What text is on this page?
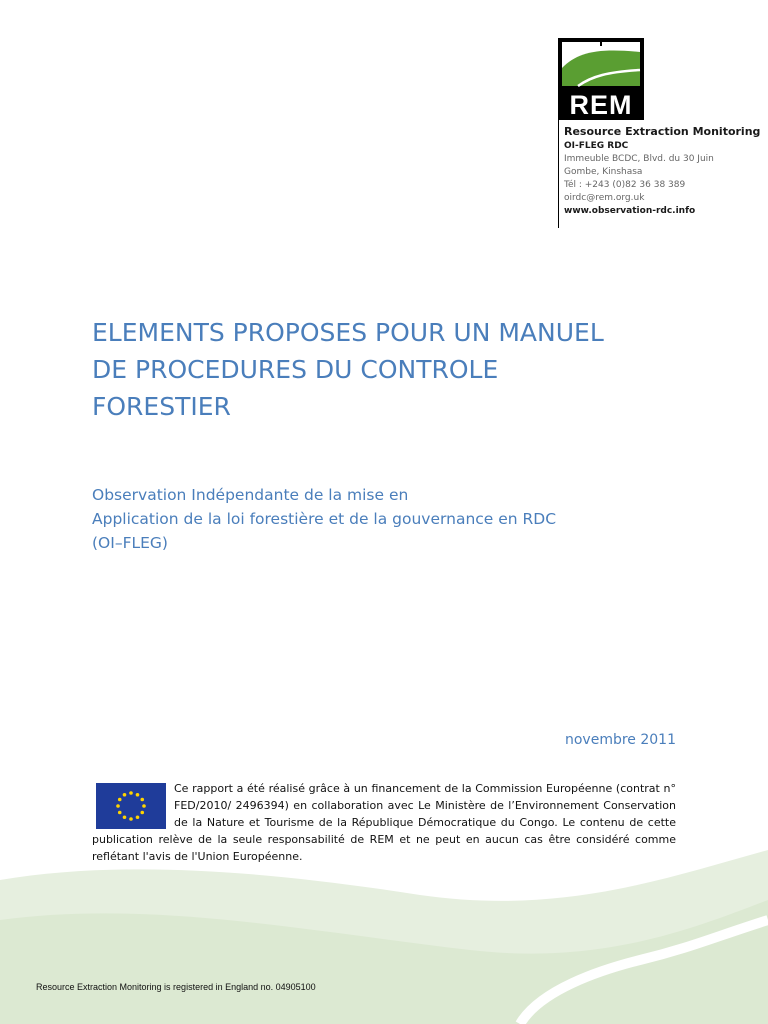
REM
Resource Extraction Monitoring
OI-FLEG RDC
Immeuble BCDC, Blvd. du 30 Juin
Gombe, Kinshasa
Tél : +243 (0)82 36 38 389
oirdc@rem.org.uk
www.observation-rdc.info
ELEMENTS PROPOSES POUR UN MANUEL
DE PROCEDURES DU CONTROLE
FORESTIER
Observation Indépendante de la mise en
Application de la loi forestière et de la gouvernance en RDC
(OI–FLEG)
novembre 2011
Ce rapport a été réalisé grâce à un financement de la Commission Européenne (contrat n° FED/2010/ 2496394) en collaboration avec Le Ministère de l’Environnement Conservation de la Nature et Tourisme de la République Démocratique du Congo. Le contenu de cette publication relève de la seule responsabilité de REM et ne peut en aucun cas être considéré comme reflétant l'avis de l'Union Européenne.
Resource Extraction Monitoring is registered in England no. 04905100
